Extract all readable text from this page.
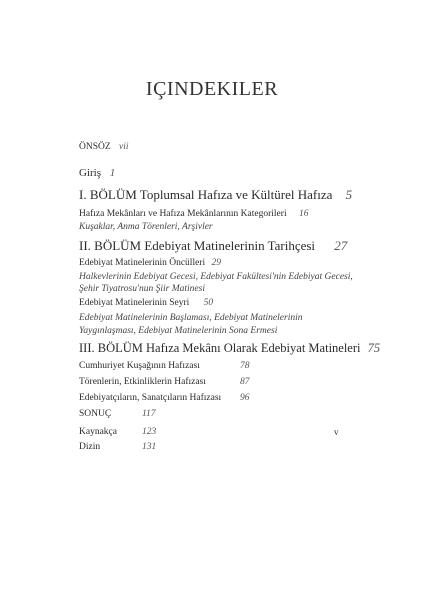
IÇINDEKILER
ÖNSÖZ vii
Giriş 1
I. BÖLÜM Toplumsal Hafıza ve Kültürel Hafıza 5
Hafıza Mekânları ve Hafıza Mekânlarının Kategorileri 16
Kuşaklar, Anma Törenleri, Arşivler
II. BÖLÜM Edebiyat Matinelerinin Tarihçesi 27
Edebiyat Matinelerinin Öncülleri 29
Halkevlerinin Edebiyat Gecesi, Edebiyat Fakültesi'nin Edebiyat Gecesi,
Şehir Tiyatrosu'nun Şiir Matinesi
Edebiyat Matinelerinin Seyri 50
Edebiyat Matinelerinin Başlaması, Edebiyat Matinelerinin
Yaygınlaşması, Edebiyat Matinelerinin Sona Ermesi
III. BÖLÜM Hafıza Mekânı Olarak Edebiyat Matineleri 75
Cumhuriyet Kuşağının Hafızası	78
Törenlerin, Etkinliklerin Hafızası	87
Edebiyatçıların, Sanatçıların Hafızası 96
SONUÇ	117
Kaynakça	123
Dizin	131
v
